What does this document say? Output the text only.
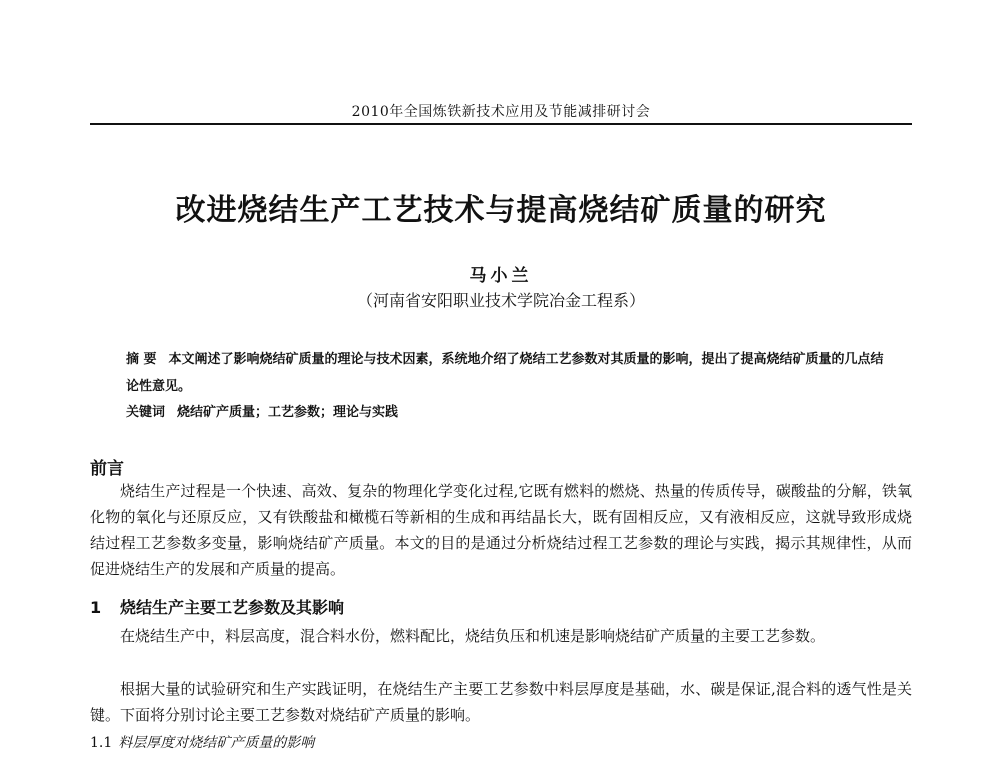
2010年全国炼铁新技术应用及节能减排研讨会
改进烧结生产工艺技术与提高烧结矿质量的研究
马小兰
（河南省安阳职业技术学院冶金工程系）
摘 要 本文阐述了影响烧结矿质量的理论与技术因素，系统地介绍了烧结工艺参数对其质量的影响，提出了提高烧结矿质量的几点结论性意见。
关键词 烧结矿产质量；工艺参数；理论与实践
前言

烧结生产过程是一个快速、高效、复杂的物理化学变化过程,它既有燃料的燃烧、热量的传质传导，碳酸盐的分解，铁氧化物的氧化与还原反应，又有铁酸盐和橄榄石等新相的生成和再结晶长大，既有固相反应，又有液相反应，这就导致形成烧结过程工艺参数多变量，影响烧结矿产质量。本文的目的是通过分析烧结过程工艺参数的理论与实践，揭示其规律性，从而促进烧结生产的发展和产质量的提高。

1 烧结生产主要工艺参数及其影响

在烧结生产中，料层高度，混合料水份，燃料配比，烧结负压和机速是影响烧结矿产质量的主要工艺参数。

根据大量的试验研究和生产实践证明，在烧结生产主要工艺参数中料层厚度是基础，水、碳是保证,混合料的透气性是关键。下面将分别讨论主要工艺参数对烧结矿产质量的影响。

1.1 料层厚度对烧结矿产质量的影响
